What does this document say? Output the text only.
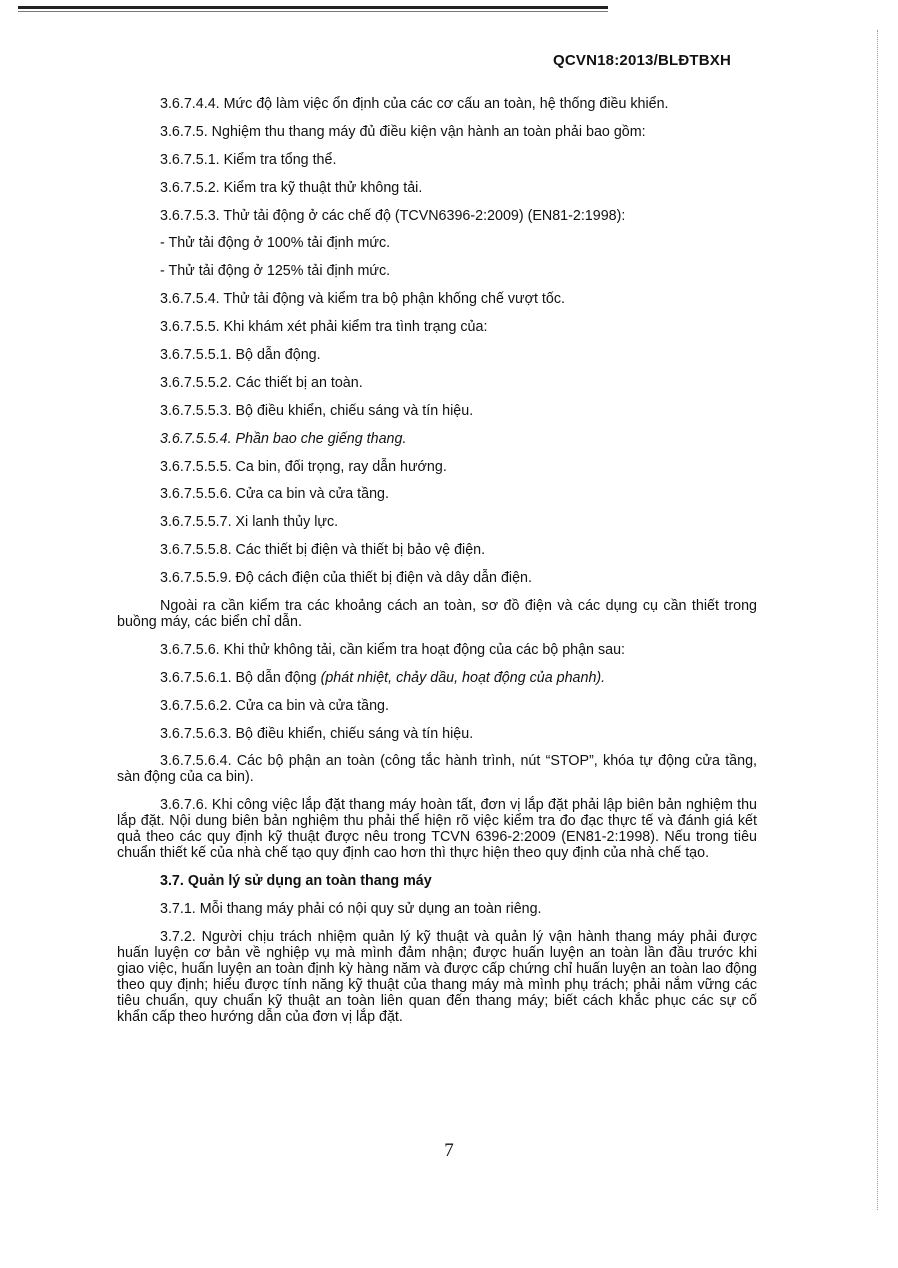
QCVN18:2013/BLĐTBXH

3.6.7.4.4. Mức độ làm việc ổn định của các cơ cấu an toàn, hệ thống điều khiển.

3.6.7.5. Nghiệm thu thang máy đủ điều kiện vận hành an toàn phải bao gồm:

3.6.7.5.1. Kiểm tra tổng thể.

3.6.7.5.2. Kiểm tra kỹ thuật thử không tải.

3.6.7.5.3. Thử tải động ở các chế độ (TCVN6396-2:2009) (EN81-2:1998):

- Thử tải động ở 100% tải định mức.

- Thử tải động ở 125% tải định mức.

3.6.7.5.4. Thử tải động và kiểm tra bộ phận khống chế vượt tốc.

3.6.7.5.5. Khi khám xét phải kiểm tra tình trạng của:

3.6.7.5.5.1. Bộ dẫn động.

3.6.7.5.5.2. Các thiết bị an toàn.

3.6.7.5.5.3. Bộ điều khiển, chiếu sáng và tín hiệu.

3.6.7.5.5.4. Phần bao che giếng thang.

3.6.7.5.5.5. Ca bin, đối trọng, ray dẫn hướng.

3.6.7.5.5.6. Cửa ca bin và cửa tầng.

3.6.7.5.5.7. Xi lanh thủy lực.

3.6.7.5.5.8. Các thiết bị điện và thiết bị bảo vệ điện.

3.6.7.5.5.9. Độ cách điện của thiết bị điện và dây dẫn điện.

Ngoài ra cần kiểm tra các khoảng cách an toàn, sơ đồ điện và các dụng cụ cần thiết trong buồng máy, các biển chỉ dẫn.

3.6.7.5.6. Khi thử không tải, cần kiểm tra hoạt động của các bộ phận sau:

3.6.7.5.6.1. Bộ dẫn động (phát nhiệt, chảy dầu, hoạt động của phanh).

3.6.7.5.6.2. Cửa ca bin và cửa tầng.

3.6.7.5.6.3. Bộ điều khiển, chiếu sáng và tín hiệu.

3.6.7.5.6.4. Các bộ phận an toàn (công tắc hành trình, nút “STOP”, khóa tự động cửa tầng, sàn động của ca bin).

3.6.7.6. Khi công việc lắp đặt thang máy hoàn tất, đơn vị lắp đặt phải lập biên bản nghiệm thu lắp đặt. Nội dung biên bản nghiệm thu phải thể hiện rõ việc kiểm tra đo đạc thực tế và đánh giá kết quả theo các quy định kỹ thuật được nêu trong TCVN 6396-2:2009 (EN81-2:1998). Nếu trong tiêu chuẩn thiết kế của nhà chế tạo quy định cao hơn thì thực hiện theo quy định của nhà chế tạo.

3.7. Quản lý sử dụng an toàn thang máy

3.7.1. Mỗi thang máy phải có nội quy sử dụng an toàn riêng.

3.7.2. Người chịu trách nhiệm quản lý kỹ thuật và quản lý vận hành thang máy phải được huấn luyện cơ bản về nghiệp vụ mà mình đảm nhận; được huấn luyện an toàn lần đầu trước khi giao việc, huấn luyện an toàn định kỳ hàng năm và được cấp chứng chỉ huấn luyện an toàn lao động theo quy định; hiểu được tính năng kỹ thuật của thang máy mà mình phụ trách; phải nắm vững các tiêu chuẩn, quy chuẩn kỹ thuật an toàn liên quan đến thang máy; biết cách khắc phục các sự cố khẩn cấp theo hướng dẫn của đơn vị lắp đặt.

7
